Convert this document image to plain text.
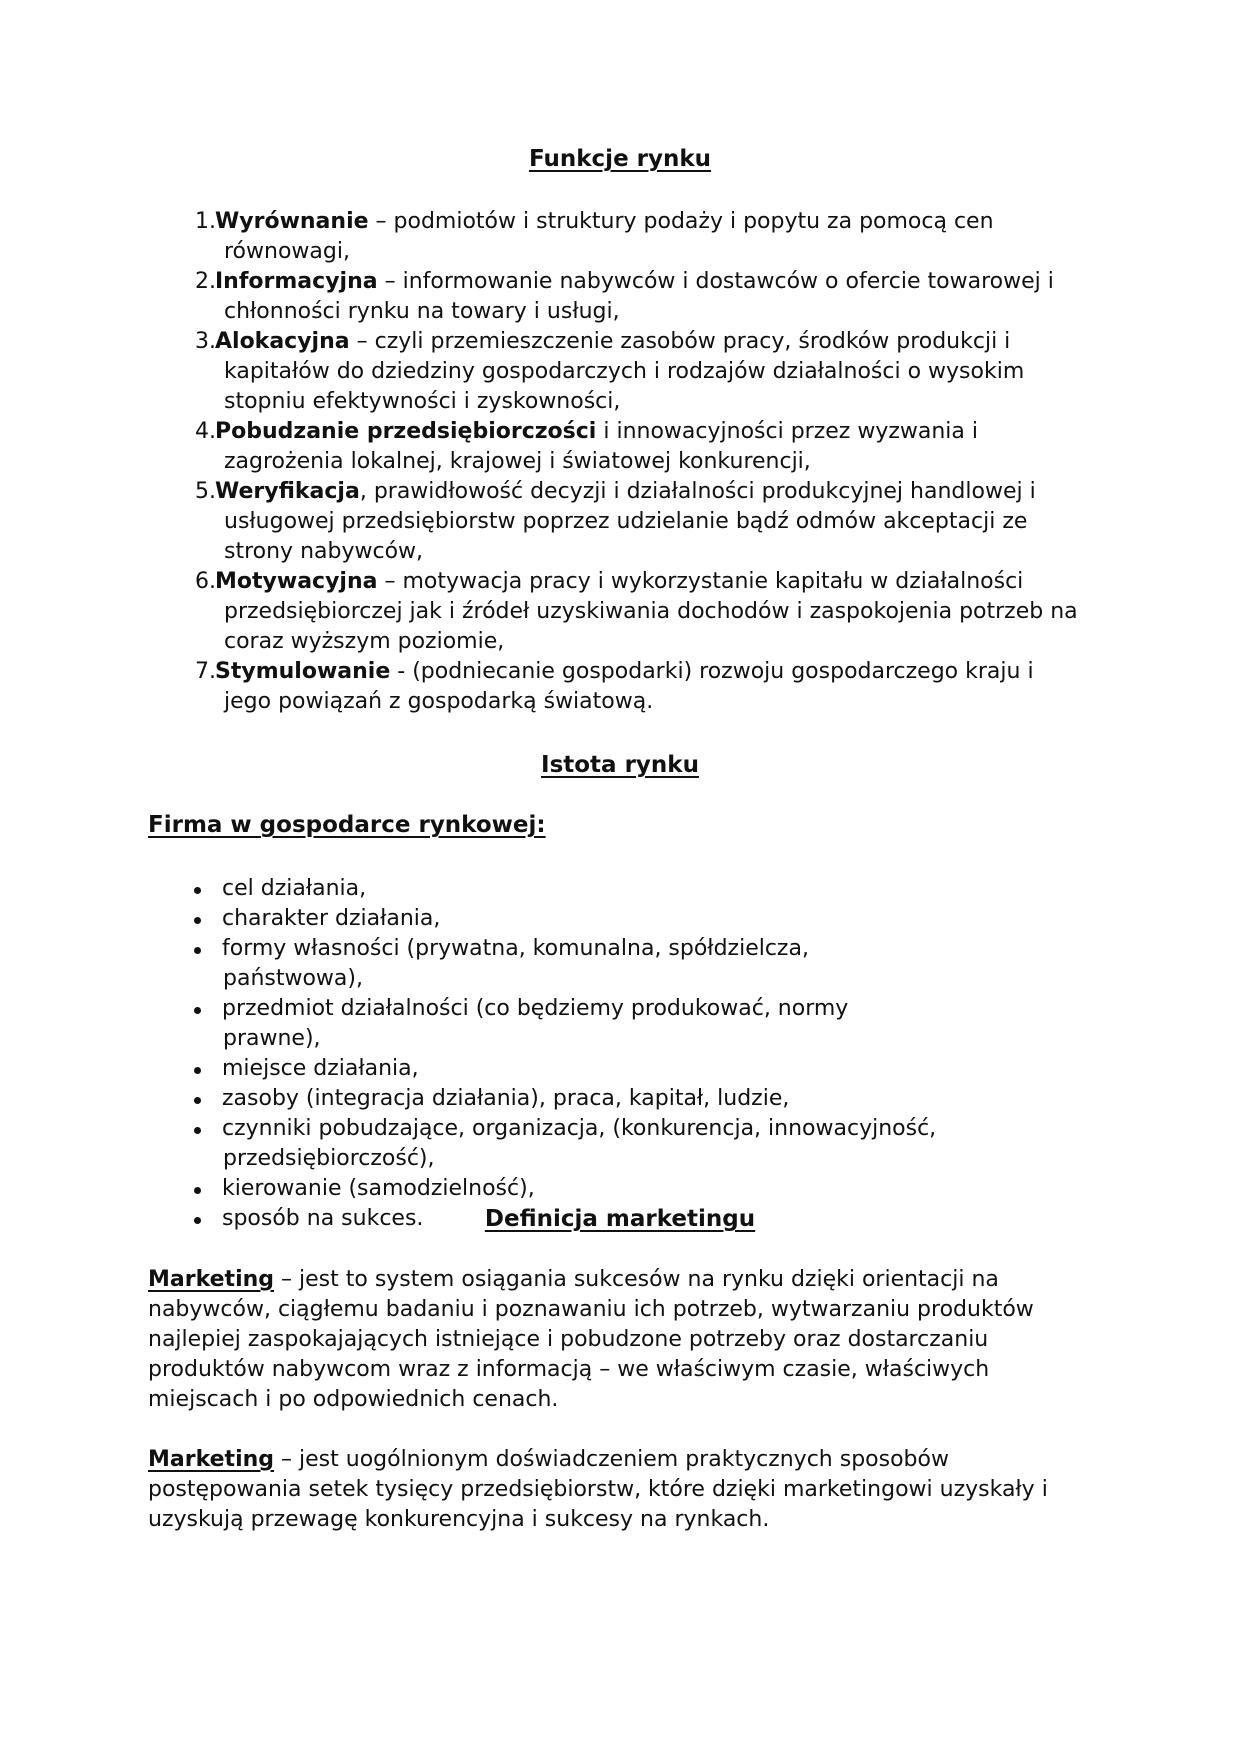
Funkcje rynku
1. Wyrównanie – podmiotów i struktury podaży i popytu za pomocą cen równowagi,
2. Informacyjna – informowanie nabywców i dostawców o ofercie towarowej i chłonności rynku na towary i usługi,
3. Alokacyjna – czyli przemieszczenie zasobów pracy, środków produkcji i kapitałów do dziedziny gospodarczych i rodzajów działalności o wysokim stopniu efektywności i zyskowności,
4. Pobudzanie przedsiębiorczości i innowacyjności przez wyzwania i zagrożenia lokalnej, krajowej i światowej konkurencji,
5. Weryfikacja, prawidłowość decyzji i działalności produkcyjnej handlowej i usługowej przedsiębiorstw poprzez udzielanie bądź odmów akceptacji ze strony nabywców,
6. Motywacyjna – motywacja pracy i wykorzystanie kapitału w działalności przedsiębiorczej jak i źródeł uzyskiwania dochodów i zaspokojenia potrzeb na coraz wyższym poziomie,
7. Stymulowanie - (podniecanie gospodarki) rozwoju gospodarczego kraju i jego powiązań z gospodarką światową.
Istota rynku
Firma w gospodarce rynkowej:
cel działania,
charakter działania,
formy własności (prywatna, komunalna, spółdzielcza, państwowa),
przedmiot działalności (co będziemy produkować, normy prawne),
miejsce działania,
zasoby (integracja działania), praca, kapitał, ludzie,
czynniki pobudzające, organizacja, (konkurencja, innowacyjność, przedsiębiorczość),
kierowanie (samodzielność),
sposób na sukces.	Definicja marketingu

Marketing – jest to system osiągania sukcesów na rynku dzięki orientacji na nabywców, ciągłemu badaniu i poznawaniu ich potrzeb, wytwarzaniu produktów najlepiej zaspokajających istniejące i pobudzone potrzeby oraz dostarczaniu produktów nabywcom wraz z informacją – we właściwym czasie, właściwych miejscach i po odpowiednich cenach.

Marketing – jest uogólnionym doświadczeniem praktycznych sposobów postępowania setek tysięcy przedsiębiorstw, które dzięki marketingowi uzyskały i uzyskują przewagę konkurencyjna i sukcesy na rynkach.
